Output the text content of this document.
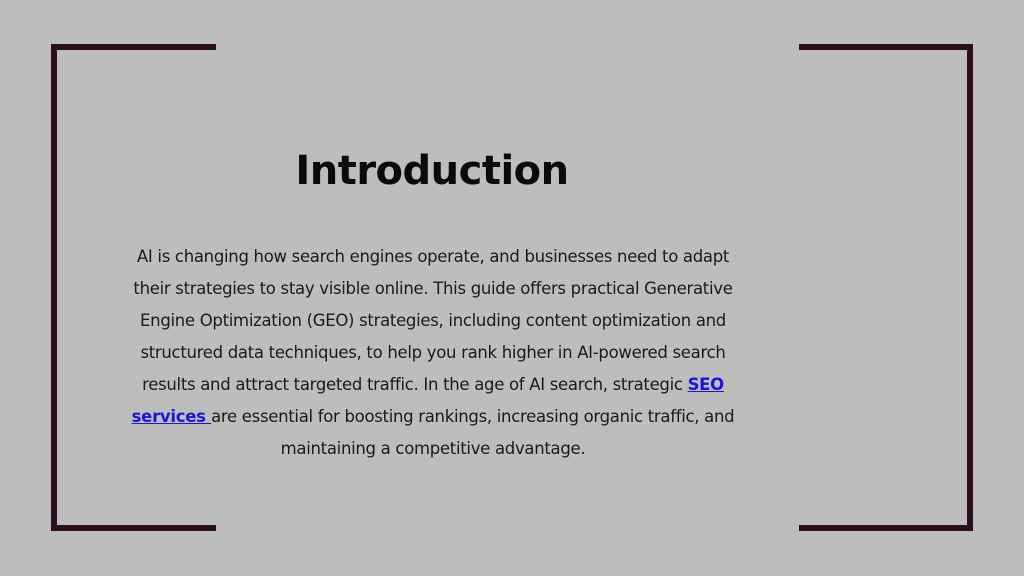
Introduction
AI is changing how search engines operate, and businesses need to adapt their strategies to stay visible online. This guide offers practical Generative Engine Optimization (GEO) strategies, including content optimization and structured data techniques, to help you rank higher in AI-powered search results and attract targeted traffic. In the age of AI search, strategic SEO services are essential for boosting rankings, increasing organic traffic, and maintaining a competitive advantage.
